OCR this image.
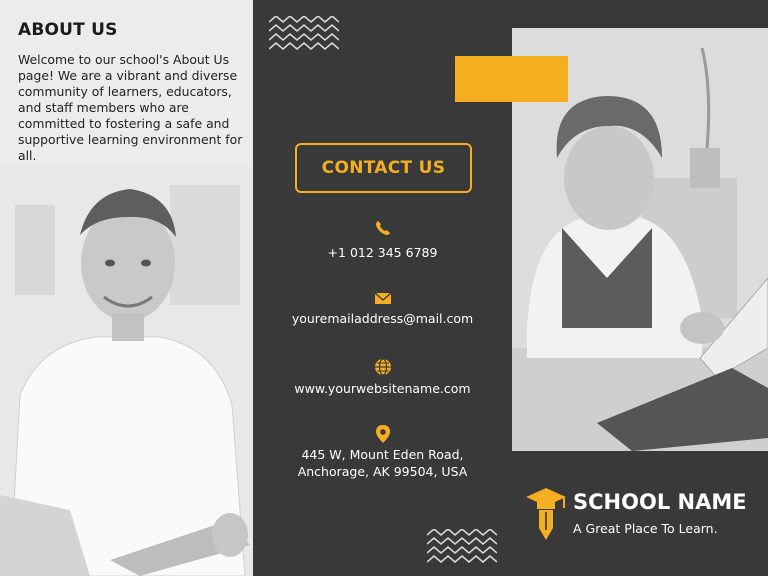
ABOUT US
Welcome to our school's About Us page! We are a vibrant and diverse community of learners, educators, and staff members who are committed to fostering a safe and supportive learning environment for all.
CONTACT US
+1 012 345 6789
youremailaddress@mail.com
www.yourwebsitename.com
445 W, Mount Eden Road,
Anchorage, AK 99504, USA
SCHOOL NAME
A Great Place To Learn.
